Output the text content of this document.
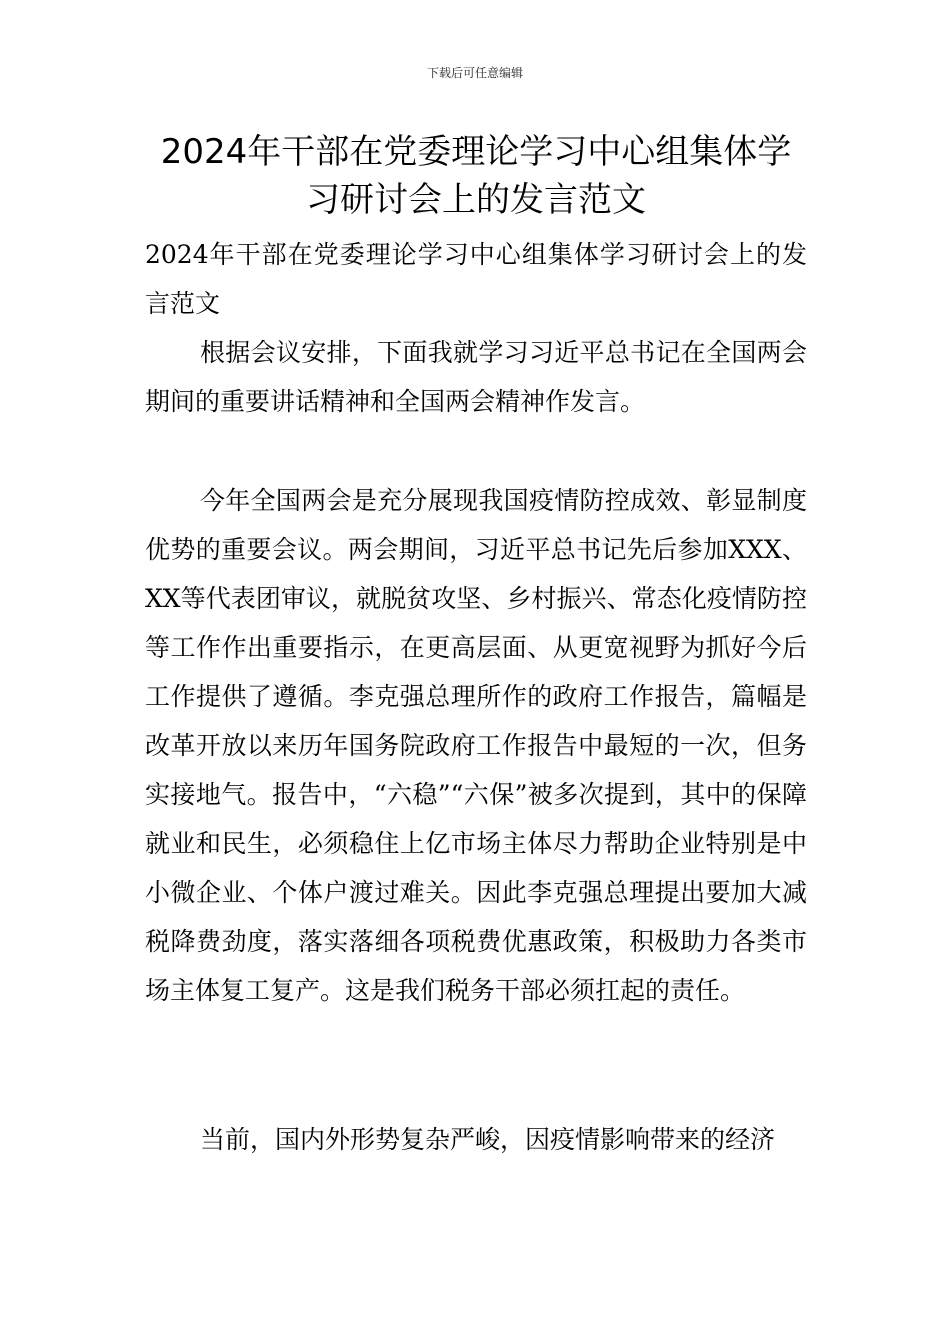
下载后可任意编辑
2024年干部在党委理论学习中心组集体学习研讨会上的发言范文

2024年干部在党委理论学习中心组集体学习研讨会上的发言范文

根据会议安排，下面我就学习习近平总书记在全国两会期间的重要讲话精神和全国两会精神作发言。

今年全国两会是充分展现我国疫情防控成效、彰显制度优势的重要会议。两会期间，习近平总书记先后参加XXX、XX等代表团审议，就脱贫攻坚、乡村振兴、常态化疫情防控等工作作出重要指示，在更高层面、从更宽视野为抓好今后工作提供了遵循。李克强总理所作的政府工作报告，篇幅是改革开放以来历年国务院政府工作报告中最短的一次，但务实接地气。报告中，“六稳”“六保”被多次提到，其中的保障就业和民生，必须稳住上亿市场主体尽力帮助企业特别是中小微企业、个体户渡过难关。因此李克强总理提出要加大减税降费劲度，落实落细各项税费优惠政策，积极助力各类市场主体复工复产。这是我们税务干部必须扛起的责任。

当前，国内外形势复杂严峻，因疫情影响带来的经济
